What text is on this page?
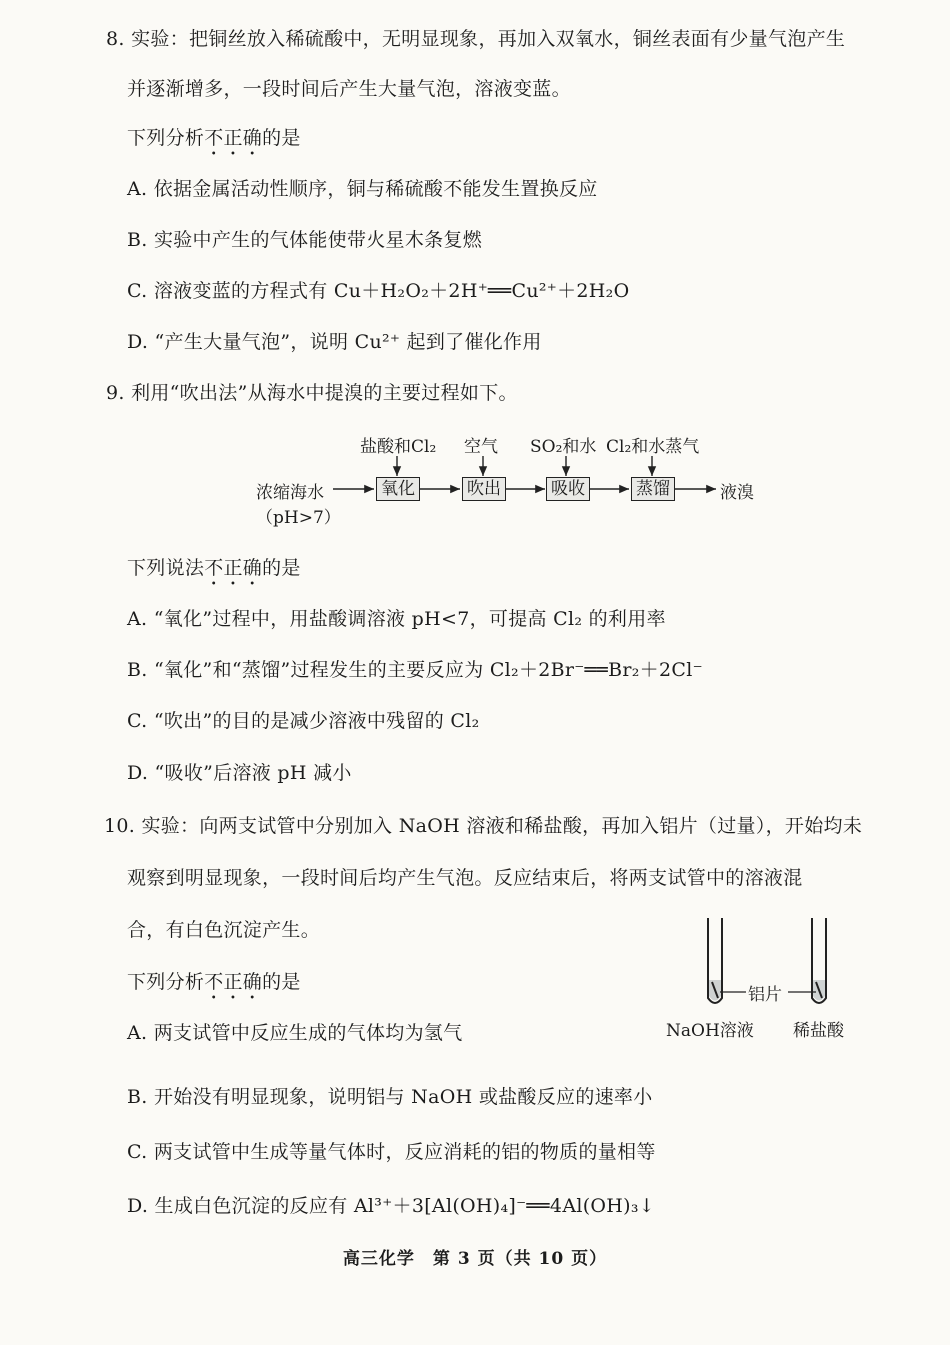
8. 实验：把铜丝放入稀硫酸中，无明显现象，再加入双氧水，铜丝表面有少量气泡产生
并逐渐增多，一段时间后产生大量气泡，溶液变蓝。
下列分析不正确的是
A. 依据金属活动性顺序，铜与稀硫酸不能发生置换反应
B. 实验中产生的气体能使带火星木条复燃
C. 溶液变蓝的方程式有 Cu＋H₂O₂＋2H⁺══Cu²⁺＋2H₂O
D. “产生大量气泡”，说明 Cu²⁺ 起到了催化作用
9. 利用“吹出法”从海水中提溴的主要过程如下。
盐酸和Cl₂ 空气 SO₂和水 Cl₂和水蒸气
浓缩海水
（pH>7）
氧化	吹出	吸收	蒸馏	液溴
下列说法不正确的是
A. “氧化”过程中，用盐酸调溶液 pH<7，可提高 Cl₂ 的利用率
B. “氧化”和“蒸馏”过程发生的主要反应为 Cl₂＋2Br⁻══Br₂＋2Cl⁻
C. “吹出”的目的是减少溶液中残留的 Cl₂
D. “吸收”后溶液 pH 减小
10. 实验：向两支试管中分别加入 NaOH 溶液和稀盐酸，再加入铝片（过量），开始均未
观察到明显现象，一段时间后均产生气泡。反应结束后，将两支试管中的溶液混
合，有白色沉淀产生。
下列分析不正确的是
铝片
NaOH溶液 稀盐酸
A. 两支试管中反应生成的气体均为氢气
B. 开始没有明显现象，说明铝与 NaOH 或盐酸反应的速率小
C. 两支试管中生成等量气体时，反应消耗的铝的物质的量相等
D. 生成白色沉淀的反应有 Al³⁺＋3[Al(OH)₄]⁻══4Al(OH)₃↓
高三化学　第 3 页（共 10 页）
